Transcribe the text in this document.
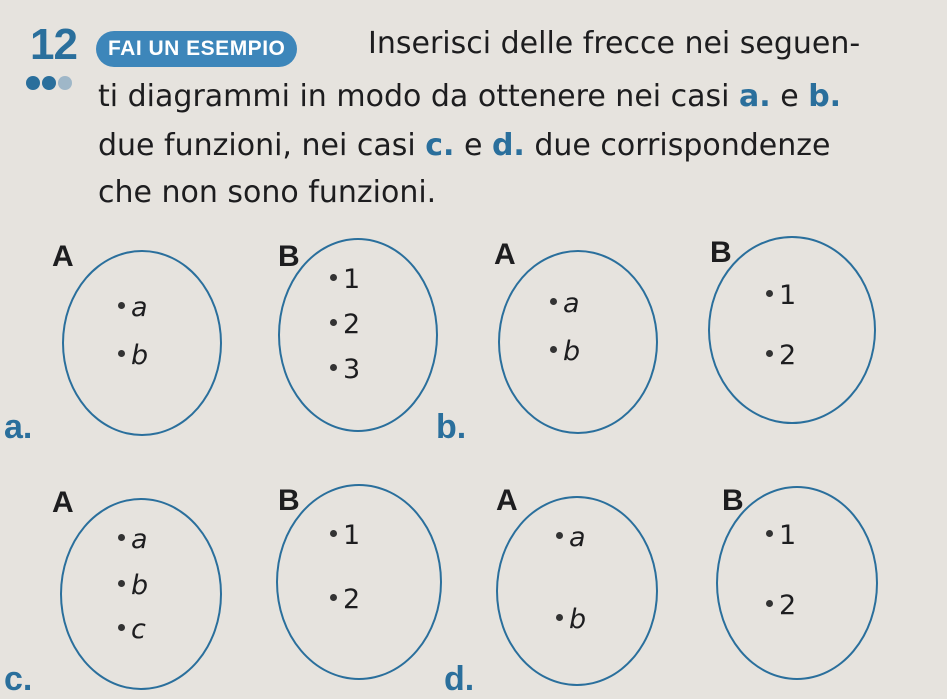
12	FAI UN ESEMPIO	Inserisci delle frecce nei seguen-
ti diagrammi in modo da ottenere nei casi a. e b.
due funzioni, nei casi c. e d. due corrispondenze
che non sono funzioni.
A
a
b
B
1
2
3
a.
A
a
b
B
1
2
b.
A
a
b
c
B
1
2
c.
A
a
b
B
1
2
d.
